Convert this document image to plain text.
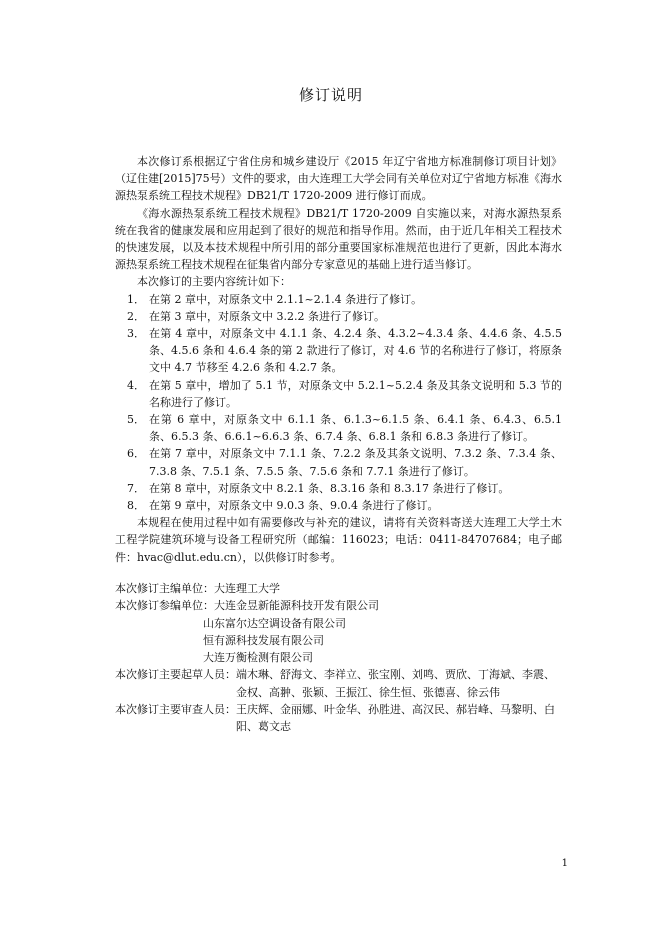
修订说明

本次修订系根据辽宁省住房和城乡建设厅《2015 年辽宁省地方标准制修订项目计划》（辽住建[2015]75号）文件的要求，由大连理工大学会同有关单位对辽宁省地方标准《海水源热泵系统工程技术规程》DB21/T 1720-2009 进行修订而成。

《海水源热泵系统工程技术规程》DB21/T 1720-2009 自实施以来，对海水源热泵系统在我省的健康发展和应用起到了很好的规范和指导作用。然而，由于近几年相关工程技术的快速发展，以及本技术规程中所引用的部分重要国家标准规范也进行了更新，因此本海水源热泵系统工程技术规程在征集省内部分专家意见的基础上进行适当修订。

本次修订的主要内容统计如下：

1． 在第 2 章中，对原条文中 2.1.1~2.1.4 条进行了修订。
2． 在第 3 章中，对原条文中 3.2.2 条进行了修订。
3． 在第 4 章中，对原条文中 4.1.1 条、4.2.4 条、4.3.2~4.3.4 条、4.4.6 条、4.5.5 条、4.5.6 条和 4.6.4 条的第 2 款进行了修订，对 4.6 节的名称进行了修订，将原条文中 4.7 节移至 4.2.6 条和 4.2.7 条。
4． 在第 5 章中，增加了 5.1 节，对原条文中 5.2.1~5.2.4 条及其条文说明和 5.3 节的名称进行了修订。
5． 在第 6 章中，对原条文中 6.1.1 条、6.1.3~6.1.5 条、6.4.1 条、6.4.3、6.5.1 条、6.5.3 条、6.6.1~6.6.3 条、6.7.4 条、6.8.1 条和 6.8.3 条进行了修订。
6． 在第 7 章中，对原条文中 7.1.1 条、7.2.2 条及其条文说明、7.3.2 条、7.3.4 条、7.3.8 条、7.5.1 条、7.5.5 条、7.5.6 条和 7.7.1 条进行了修订。
7． 在第 8 章中，对原条文中 8.2.1 条、8.3.16 条和 8.3.17 条进行了修订。
8． 在第 9 章中，对原条文中 9.0.3 条、9.0.4 条进行了修订。

本规程在使用过程中如有需要修改与补充的建议，请将有关资料寄送大连理工大学土木工程学院建筑环境与设备工程研究所（邮编：116023；电话：0411-84707684；电子邮件：hvac@dlut.edu.cn），以供修订时参考。

本次修订主编单位： 大连理工大学
本次修订参编单位： 大连金昱新能源科技开发有限公司
山东富尔达空调设备有限公司
恒有源科技发展有限公司
大连万衡检测有限公司
本次修订主要起草人员： 端木琳、舒海文、李祥立、张宝刚、刘鸣、贾欣、丁海斌、李震、金权、高翀、张颖、王振江、徐生恒、张德喜、徐云伟
本次修订主要审查人员： 王庆辉、金丽娜、叶金华、孙胜进、高汉民、郝岩峰、马黎明、白阳、葛文志
1
